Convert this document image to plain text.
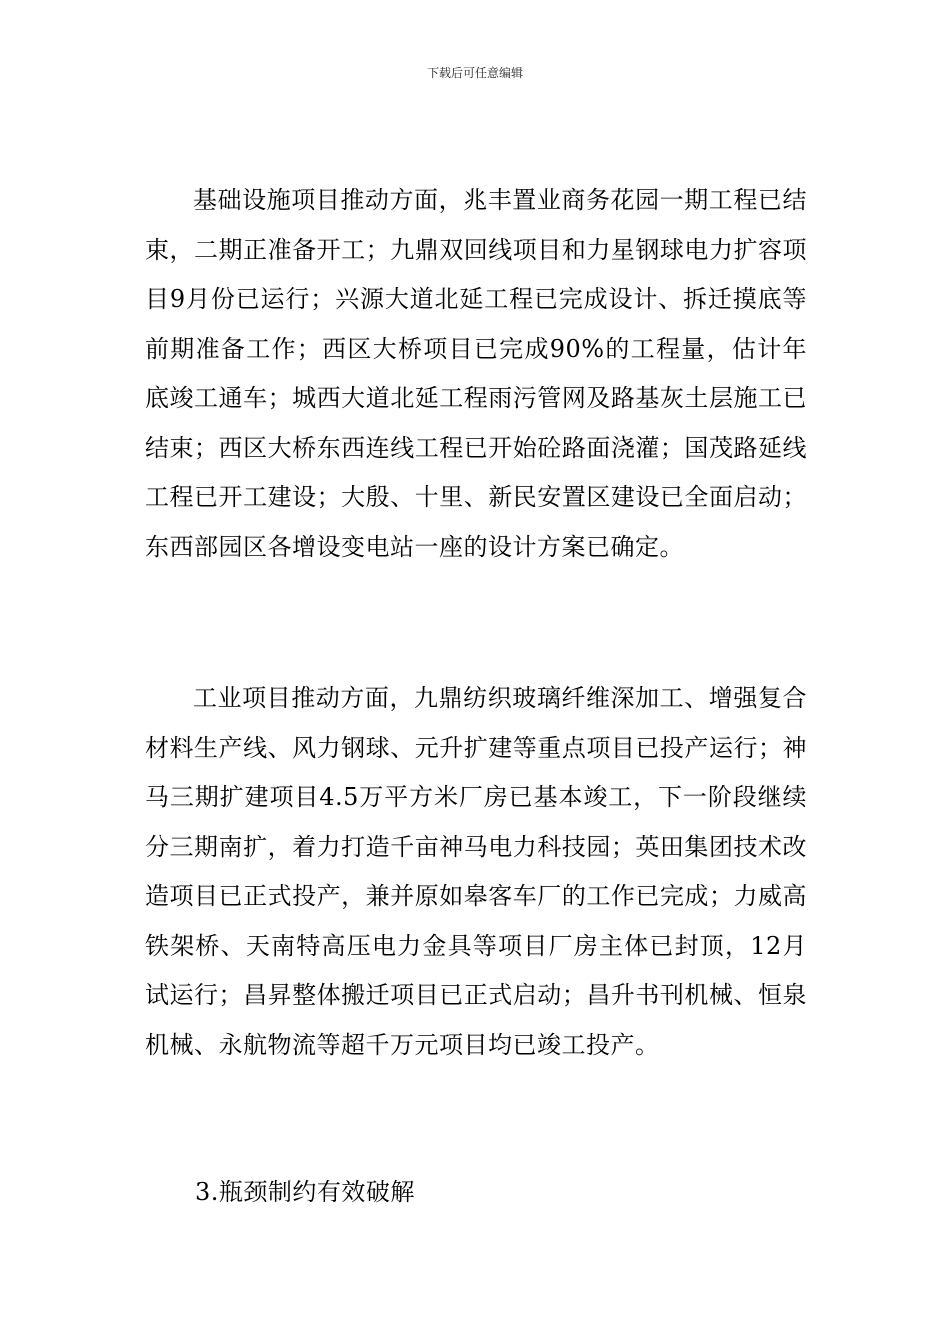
下载后可任意编辑

基础设施项目推动方面，兆丰置业商务花园一期工程已结束，二期正准备开工；九鼎双回线项目和力星钢球电力扩容项目9月份已运行；兴源大道北延工程已完成设计、拆迁摸底等前期准备工作；西区大桥项目已完成90%的工程量，估计年底竣工通车；城西大道北延工程雨污管网及路基灰土层施工已结束；西区大桥东西连线工程已开始砼路面浇灌；国茂路延线工程已开工建设；大殷、十里、新民安置区建设已全面启动；东西部园区各增设变电站一座的设计方案已确定。

工业项目推动方面，九鼎纺织玻璃纤维深加工、增强复合材料生产线、风力钢球、元升扩建等重点项目已投产运行；神马三期扩建项目4.5万平方米厂房已基本竣工，下一阶段继续分三期南扩，着力打造千亩神马电力科技园；英田集团技术改造项目已正式投产，兼并原如皋客车厂的工作已完成；力威高铁架桥、天南特高压电力金具等项目厂房主体已封顶，12月试运行；昌昇整体搬迁项目已正式启动；昌升书刊机械、恒泉机械、永航物流等超千万元项目均已竣工投产。

3.瓶颈制约有效破解
